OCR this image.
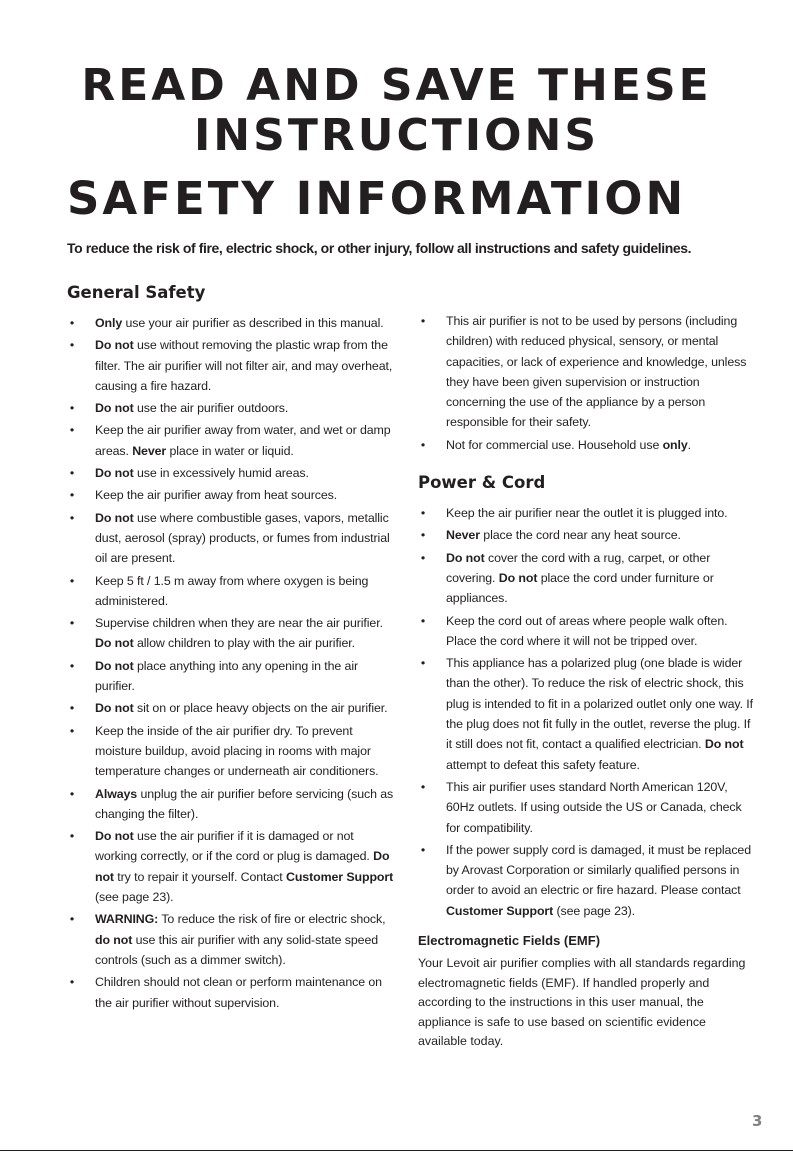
READ AND SAVE THESE
INSTRUCTIONS
SAFETY INFORMATION
To reduce the risk of fire, electric shock, or other injury, follow all instructions and safety guidelines.
General Safety
• Only use your air purifier as described in this manual.
• Do not use without removing the plastic wrap from the filter. The air purifier will not filter air, and may overheat, causing a fire hazard.
• Do not use the air purifier outdoors.
• Keep the air purifier away from water, and wet or damp areas. Never place in water or liquid.
• Do not use in excessively humid areas.
• Keep the air purifier away from heat sources.
• Do not use where combustible gases, vapors, metallic dust, aerosol (spray) products, or fumes from industrial oil are present.
• Keep 5 ft / 1.5 m away from where oxygen is being administered.
• Supervise children when they are near the air purifier. Do not allow children to play with the air purifier.
• Do not place anything into any opening in the air purifier.
• Do not sit on or place heavy objects on the air purifier.
• Keep the inside of the air purifier dry. To prevent moisture buildup, avoid placing in rooms with major temperature changes or underneath air conditioners.
• Always unplug the air purifier before servicing (such as changing the filter).
• Do not use the air purifier if it is damaged or not working correctly, or if the cord or plug is damaged. Do not try to repair it yourself. Contact Customer Support (see page 23).
• WARNING: To reduce the risk of fire or electric shock, do not use this air purifier with any solid-state speed controls (such as a dimmer switch).
• Children should not clean or perform maintenance on the air purifier without supervision.
• This air purifier is not to be used by persons (including children) with reduced physical, sensory, or mental capacities, or lack of experience and knowledge, unless they have been given supervision or instruction concerning the use of the appliance by a person responsible for their safety.
• Not for commercial use. Household use only.
Power & Cord
• Keep the air purifier near the outlet it is plugged into.
• Never place the cord near any heat source.
• Do not cover the cord with a rug, carpet, or other covering. Do not place the cord under furniture or appliances.
• Keep the cord out of areas where people walk often. Place the cord where it will not be tripped over.
• This appliance has a polarized plug (one blade is wider than the other). To reduce the risk of electric shock, this plug is intended to fit in a polarized outlet only one way. If the plug does not fit fully in the outlet, reverse the plug. If it still does not fit, contact a qualified electrician. Do not attempt to defeat this safety feature.
• This air purifier uses standard North American 120V, 60Hz outlets. If using outside the US or Canada, check for compatibility.
• If the power supply cord is damaged, it must be replaced by Arovast Corporation or similarly qualified persons in order to avoid an electric or fire hazard. Please contact Customer Support (see page 23).
Electromagnetic Fields (EMF)
Your Levoit air purifier complies with all standards regarding electromagnetic fields (EMF). If handled properly and according to the instructions in this user manual, the appliance is safe to use based on scientific evidence available today.
3
